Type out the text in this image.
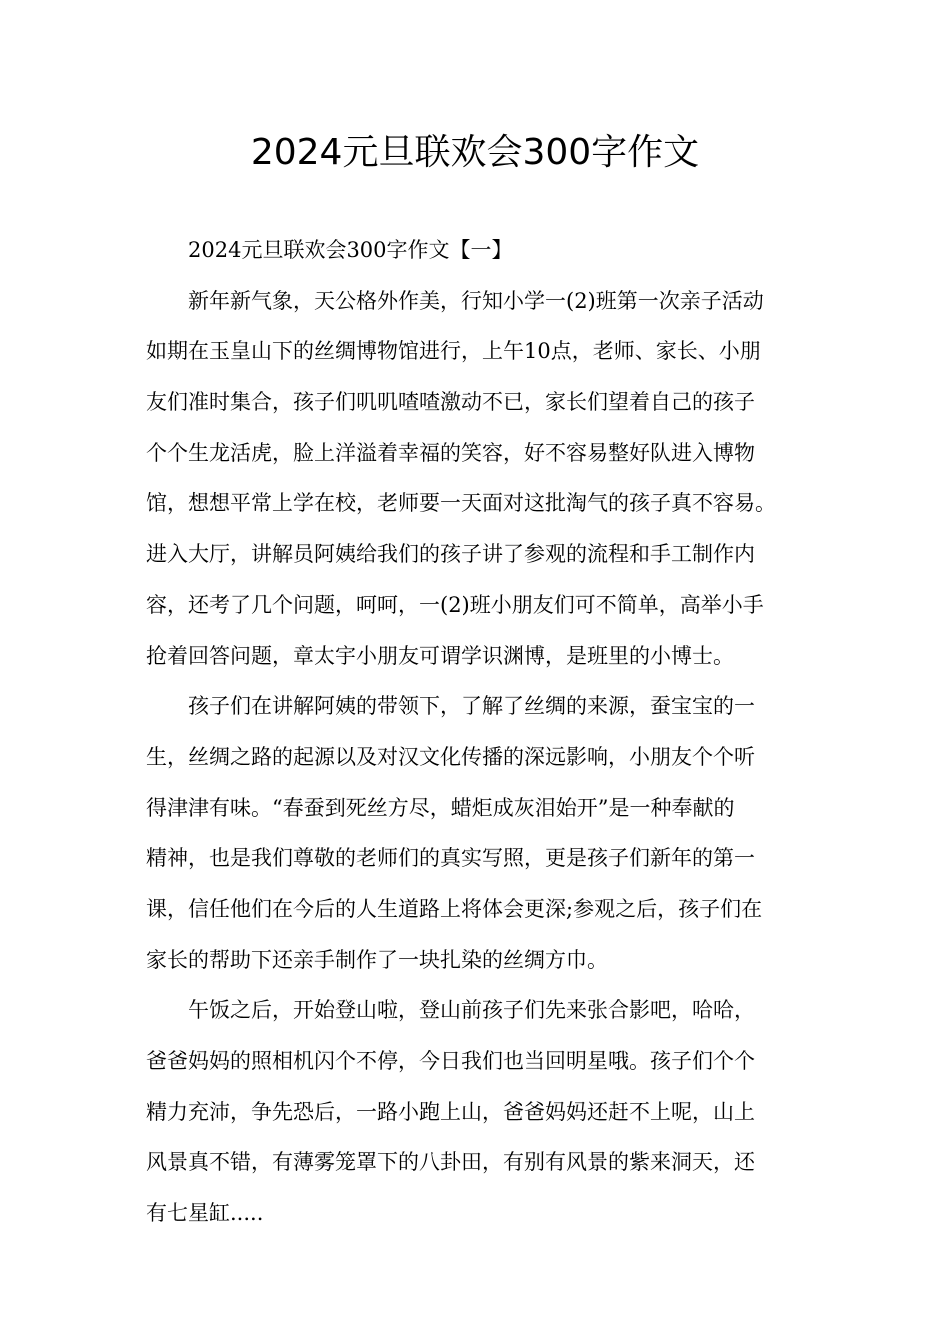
2024元旦联欢会300字作文
2024元旦联欢会300字作文【一】
新年新气象，天公格外作美，行知小学一(2)班第一次亲子活动
如期在玉皇山下的丝绸博物馆进行，上午10点，老师、家长、小朋
友们准时集合，孩子们叽叽喳喳激动不已，家长们望着自己的孩子
个个生龙活虎，脸上洋溢着幸福的笑容，好不容易整好队进入博物
馆，想想平常上学在校，老师要一天面对这批淘气的孩子真不容易。
进入大厅，讲解员阿姨给我们的孩子讲了参观的流程和手工制作内
容，还考了几个问题，呵呵，一(2)班小朋友们可不简单，高举小手
抢着回答问题，章太宇小朋友可谓学识渊博，是班里的小博士。
孩子们在讲解阿姨的带领下，了解了丝绸的来源，蚕宝宝的一
生，丝绸之路的起源以及对汉文化传播的深远影响，小朋友个个听
得津津有味。“春蚕到死丝方尽，蜡炬成灰泪始开”是一种奉献的
精神，也是我们尊敬的老师们的真实写照，更是孩子们新年的第一
课，信任他们在今后的人生道路上将体会更深;参观之后，孩子们在
家长的帮助下还亲手制作了一块扎染的丝绸方巾。
午饭之后，开始登山啦，登山前孩子们先来张合影吧，哈哈，
爸爸妈妈的照相机闪个不停，今日我们也当回明星哦。孩子们个个
精力充沛，争先恐后，一路小跑上山，爸爸妈妈还赶不上呢，山上
风景真不错，有薄雾笼罩下的八卦田，有别有风景的紫来洞天，还
有七星缸.....
